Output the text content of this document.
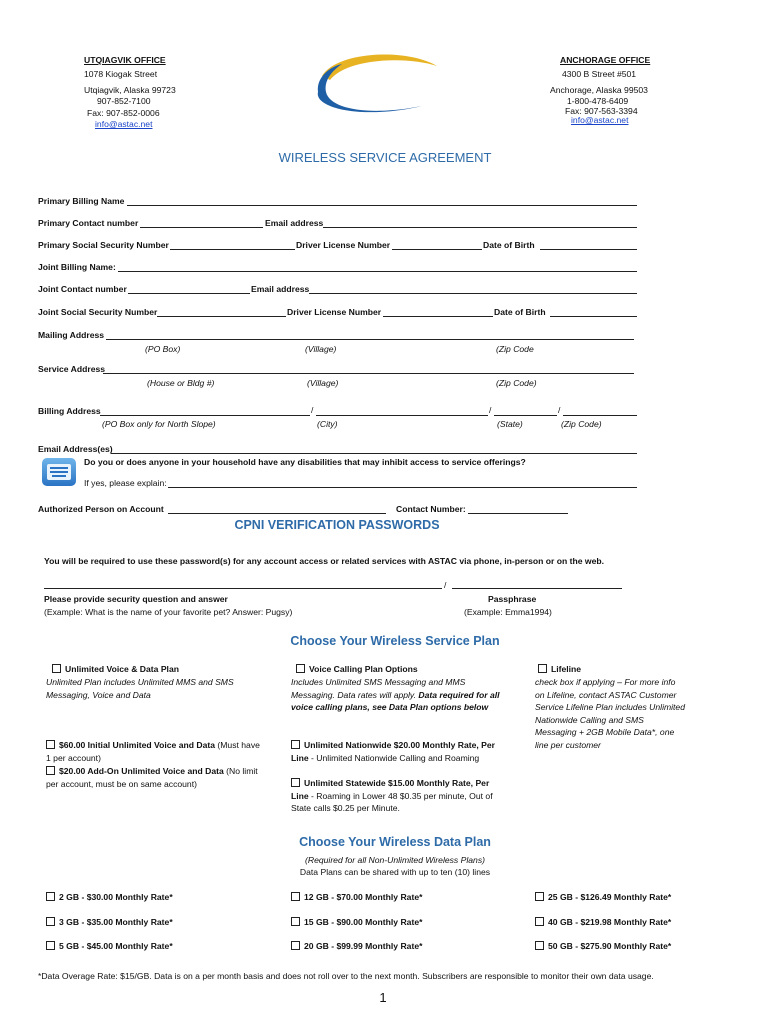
UTQIAGVIK OFFICE
1078 Kiogak Street
Utqiagvik, Alaska 99723
907-852-7100
Fax: 907-852-0006
info@astac.net
ANCHORAGE OFFICE
4300 B Street #501
Anchorage, Alaska 99503
1-800-478-6409
Fax: 907-563-3394
info@astac.net
WIRELESS SERVICE AGREEMENT
Primary Billing Name
Primary Contact number	Email address
Primary Social Security Number	Driver License Number	Date of Birth
Joint Billing Name:
Joint Contact number	Email address
Joint Social Security Number	Driver License Number	Date of Birth
Mailing Address
(PO Box)	(Village)	(Zip Code
Service Address
(House or Bldg #)	(Village)	(Zip Code)
Billing Address	/	/	/
(PO Box only for North Slope)	(City)	(State)	(Zip Code)
Email Address(es)
Do you or does anyone in your household have any disabilities that may inhibit access to service offerings?
If yes, please explain:
Authorized Person on Account	Contact Number:
CPNI VERIFICATION PASSWORDS
You will be required to use these password(s) for any account access or related services with ASTAC via phone, in-person or on the web.
/
Please provide security question and answer
(Example: What is the name of your favorite pet? Answer: Pugsy)
Passphrase
(Example: Emma1994)
Choose Your Wireless Service Plan
Unlimited Voice & Data Plan
Unlimited Plan includes Unlimited MMS and SMS Messaging, Voice and Data
$60.00 Initial Unlimited Voice and Data (Must have 1 per account)
$20.00 Add-On Unlimited Voice and Data (No limit per account, must be on same account)
Voice Calling Plan Options
Includes Unlimited SMS Messaging and MMS Messaging. Data rates will apply. Data required for all voice calling plans, see Data Plan options below
Unlimited Nationwide $20.00 Monthly Rate, Per Line - Unlimited Nationwide Calling and Roaming
Unlimited Statewide $15.00 Monthly Rate, Per Line - Roaming in Lower 48 $0.35 per minute, Out of State calls $0.25 per Minute.
Lifeline
check box if applying – For more info on Lifeline, contact ASTAC Customer Service Lifeline Plan includes Unlimited Nationwide Calling and SMS Messaging + 2GB Mobile Data*, one line per customer
Choose Your Wireless Data Plan
(Required for all Non-Unlimited Wireless Plans)
Data Plans can be shared with up to ten (10) lines
2 GB - $30.00 Monthly Rate*	12 GB - $70.00 Monthly Rate*	25 GB - $126.49 Monthly Rate*
3 GB - $35.00 Monthly Rate*	15 GB - $90.00 Monthly Rate*	40 GB - $219.98 Monthly Rate*
5 GB - $45.00 Monthly Rate*	20 GB - $99.99 Monthly Rate*	50 GB - $275.90 Monthly Rate*
*Data Overage Rate: $15/GB. Data is on a per month basis and does not roll over to the next month. Subscribers are responsible to monitor their own data usage.
1
